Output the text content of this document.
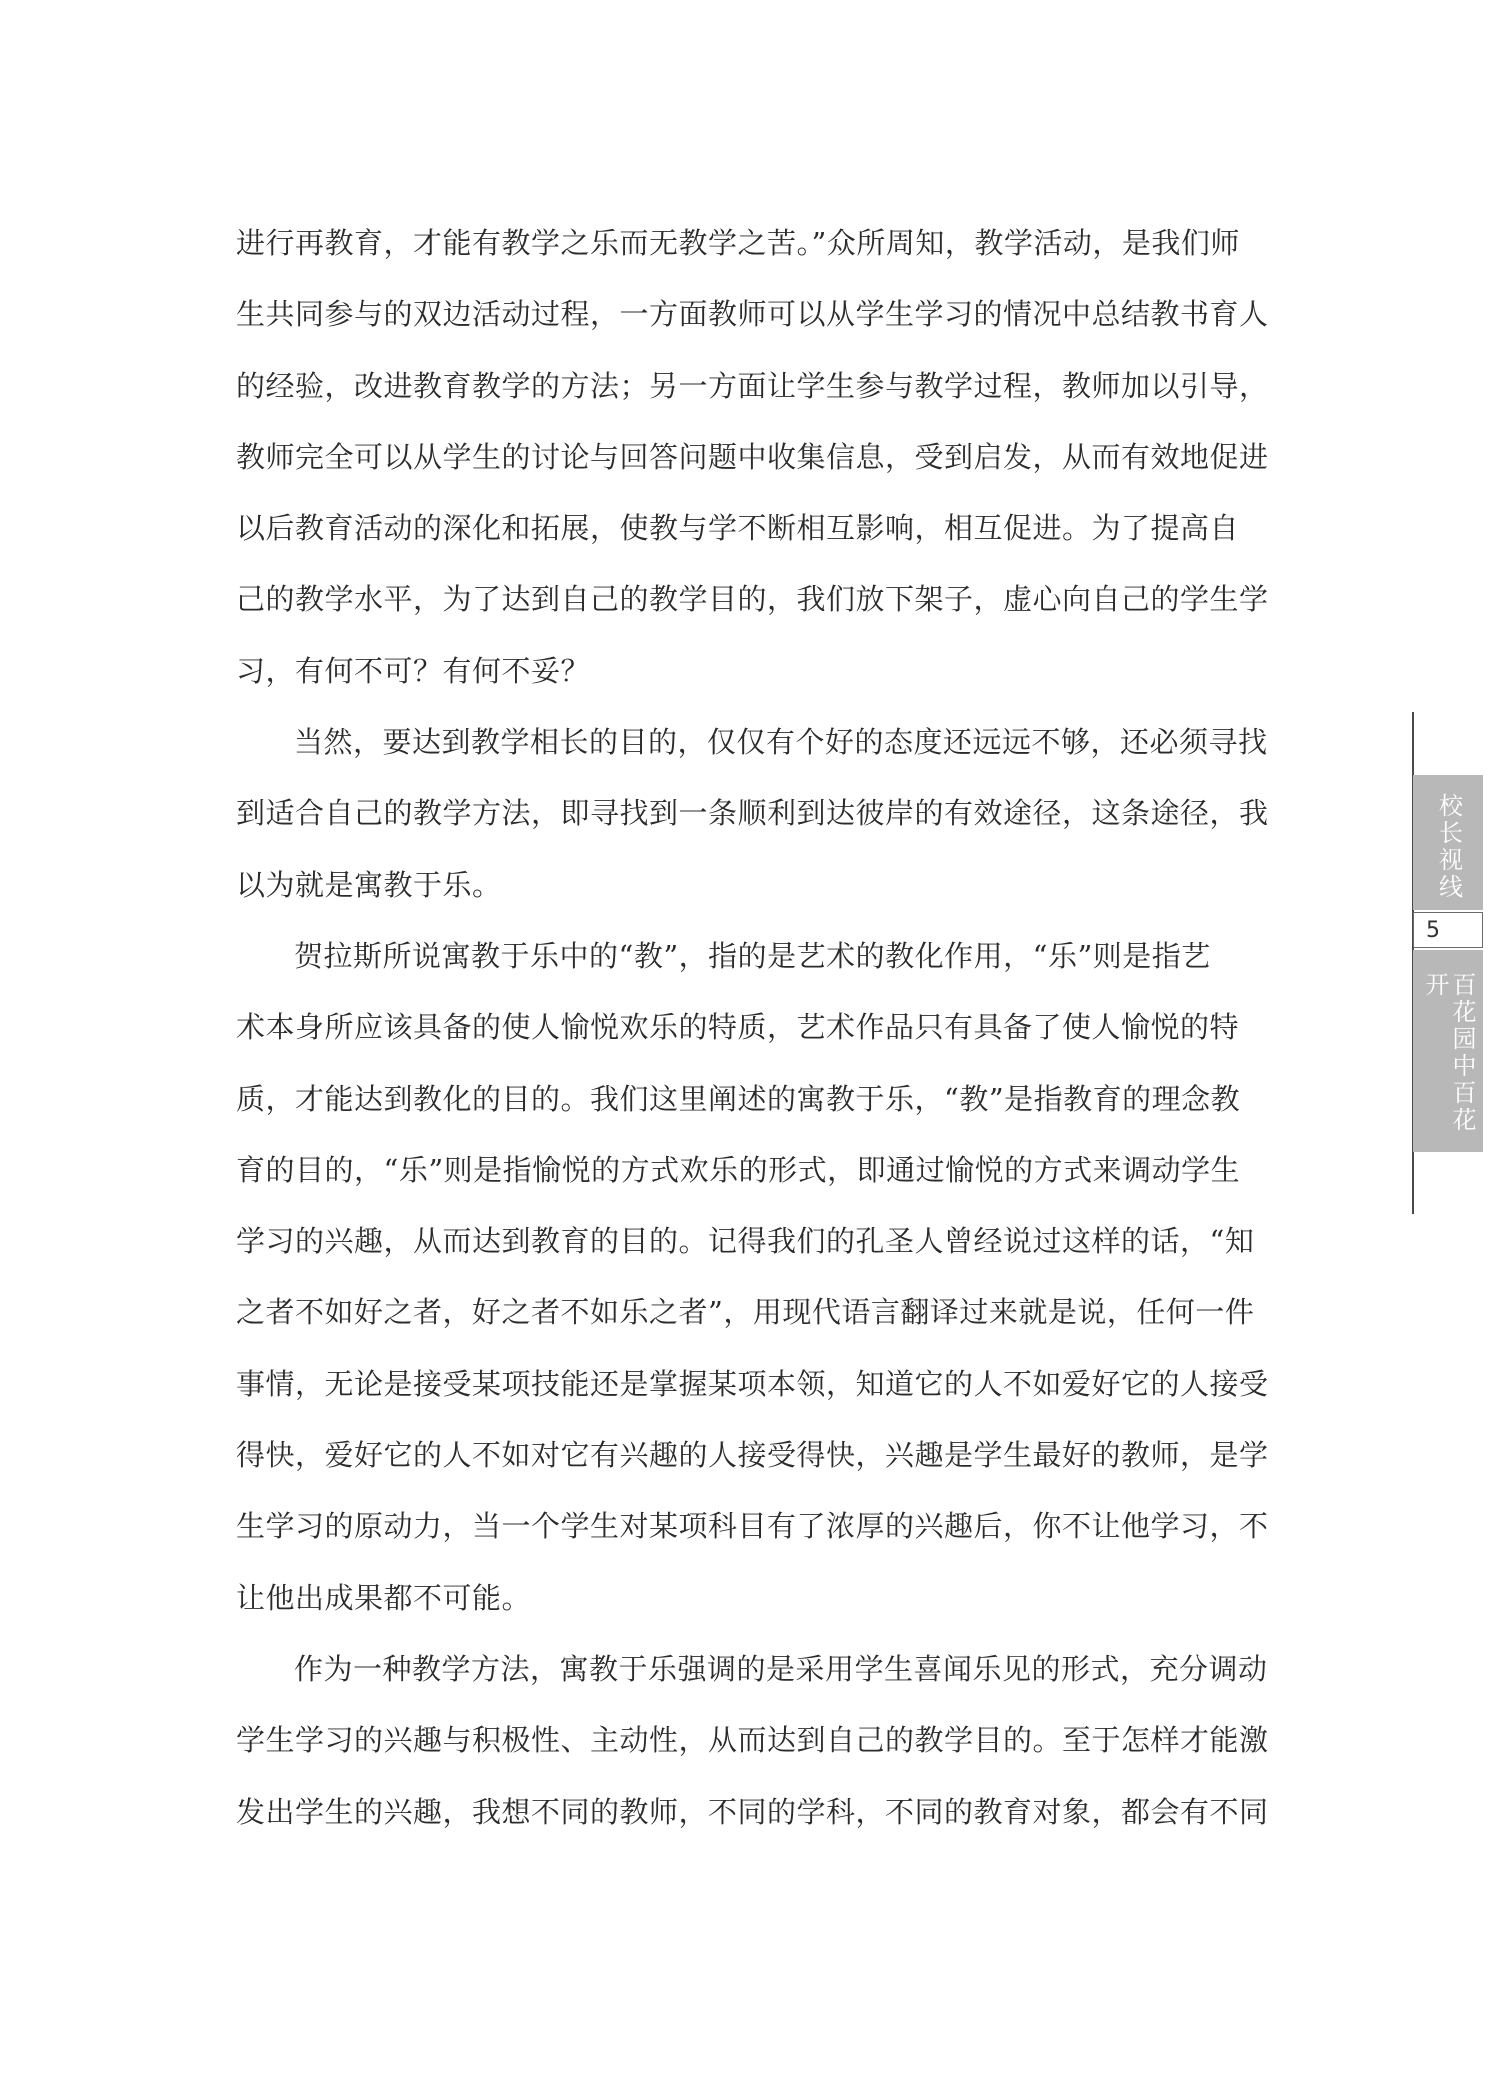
进行再教育，才能有教学之乐而无教学之苦。”众所周知，教学活动，是我们师
生共同参与的双边活动过程，一方面教师可以从学生学习的情况中总结教书育人
的经验，改进教育教学的方法；另一方面让学生参与教学过程，教师加以引导，
教师完全可以从学生的讨论与回答问题中收集信息，受到启发，从而有效地促进
以后教育活动的深化和拓展，使教与学不断相互影响，相互促进。为了提高自
己的教学水平，为了达到自己的教学目的，我们放下架子，虚心向自己的学生学
习，有何不可？有何不妥？
当然，要达到教学相长的目的，仅仅有个好的态度还远远不够，还必须寻找
到适合自己的教学方法，即寻找到一条顺利到达彼岸的有效途径，这条途径，我
以为就是寓教于乐。
贺拉斯所说寓教于乐中的“教”，指的是艺术的教化作用，“乐”则是指艺
术本身所应该具备的使人愉悦欢乐的特质，艺术作品只有具备了使人愉悦的特
质，才能达到教化的目的。我们这里阐述的寓教于乐，“教”是指教育的理念教
育的目的，“乐”则是指愉悦的方式欢乐的形式，即通过愉悦的方式来调动学生
学习的兴趣，从而达到教育的目的。记得我们的孔圣人曾经说过这样的话，“知
之者不如好之者，好之者不如乐之者”，用现代语言翻译过来就是说，任何一件
事情，无论是接受某项技能还是掌握某项本领，知道它的人不如爱好它的人接受
得快，爱好它的人不如对它有兴趣的人接受得快，兴趣是学生最好的教师，是学
生学习的原动力，当一个学生对某项科目有了浓厚的兴趣后，你不让他学习，不
让他出成果都不可能。
作为一种教学方法，寓教于乐强调的是采用学生喜闻乐见的形式，充分调动
学生学习的兴趣与积极性、主动性，从而达到自己的教学目的。至于怎样才能激
发出学生的兴趣，我想不同的教师，不同的学科，不同的教育对象，都会有不同
校长视线
5
百花园中百花开
